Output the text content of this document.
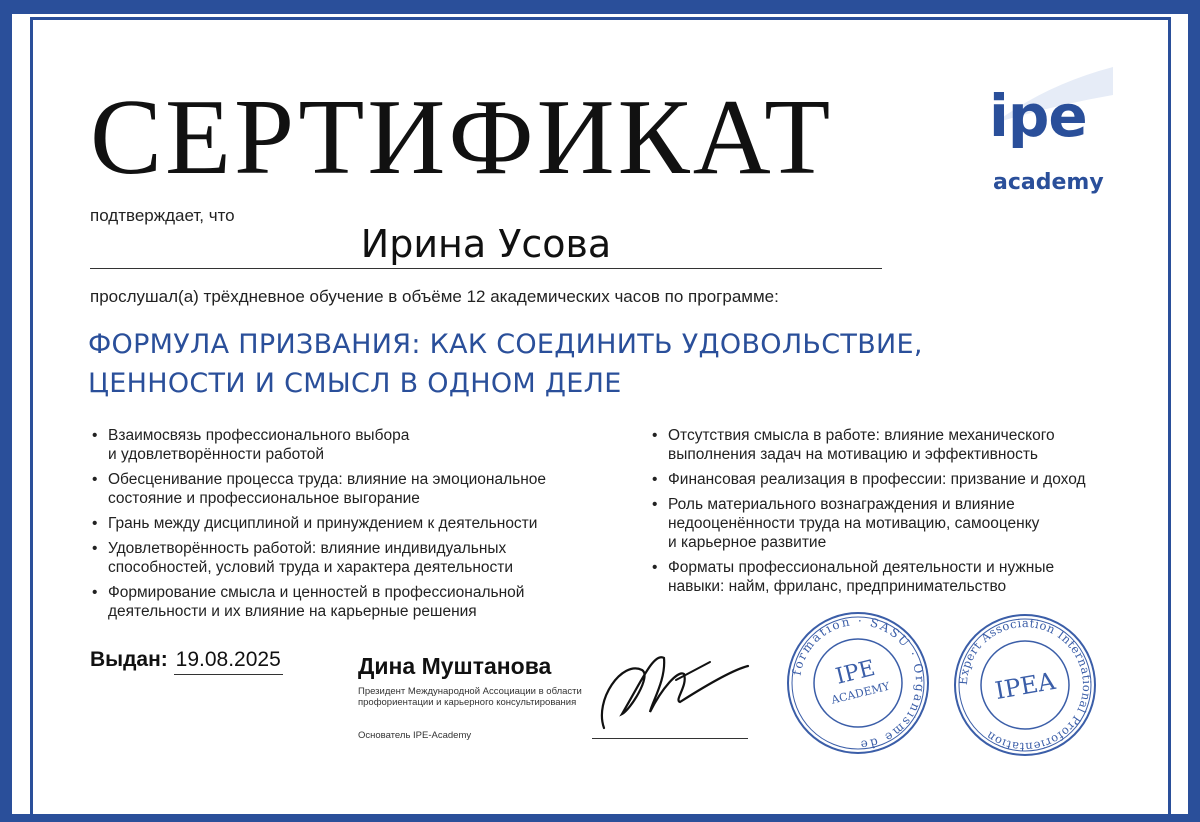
СЕРТИФИКАТ	ipe
academy
подтверждает, что
Ирина Усова
прослушал(а) трёхдневное обучение в объёме 12 академических часов по программе:
ФОРМУЛА ПРИЗВАНИЯ: КАК СОЕДИНИТЬ УДОВОЛЬСТВИЕ,
ЦЕННОСТИ И СМЫСЛ В ОДНОМ ДЕЛЕ
• Взаимосвязь профессионального выбора
и удовлетворённости работой
• Обесценивание процесса труда: влияние на эмоциональное
состояние и профессиональное выгорание
• Грань между дисциплиной и принуждением к деятельности
• Удовлетворённость работой: влияние индивидуальных
способностей, условий труда и характера деятельности
• Формирование смысла и ценностей в профессиональной
деятельности и их влияние на карьерные решения
• Отсутствия смысла в работе: влияние механического
выполнения задач на мотивацию и эффективность
• Финансовая реализация в профессии: призвание и доход
• Роль материального вознаграждения и влияние
недооценённости труда на мотивацию, самооценку
и карьерное развитие
• Форматы профессиональной деятельности и нужные
навыки: найм, фриланс, предпринимательство
Выдан: 19.08.2025	Дина Муштанова
Президент Международной Ассоциации в области профориентации и карьерного консультирования
Основатель IPE-Academy
formation · SASU · Organisme de
IPE
ACADEMY	Expert Association International Proforientation
IPEA
